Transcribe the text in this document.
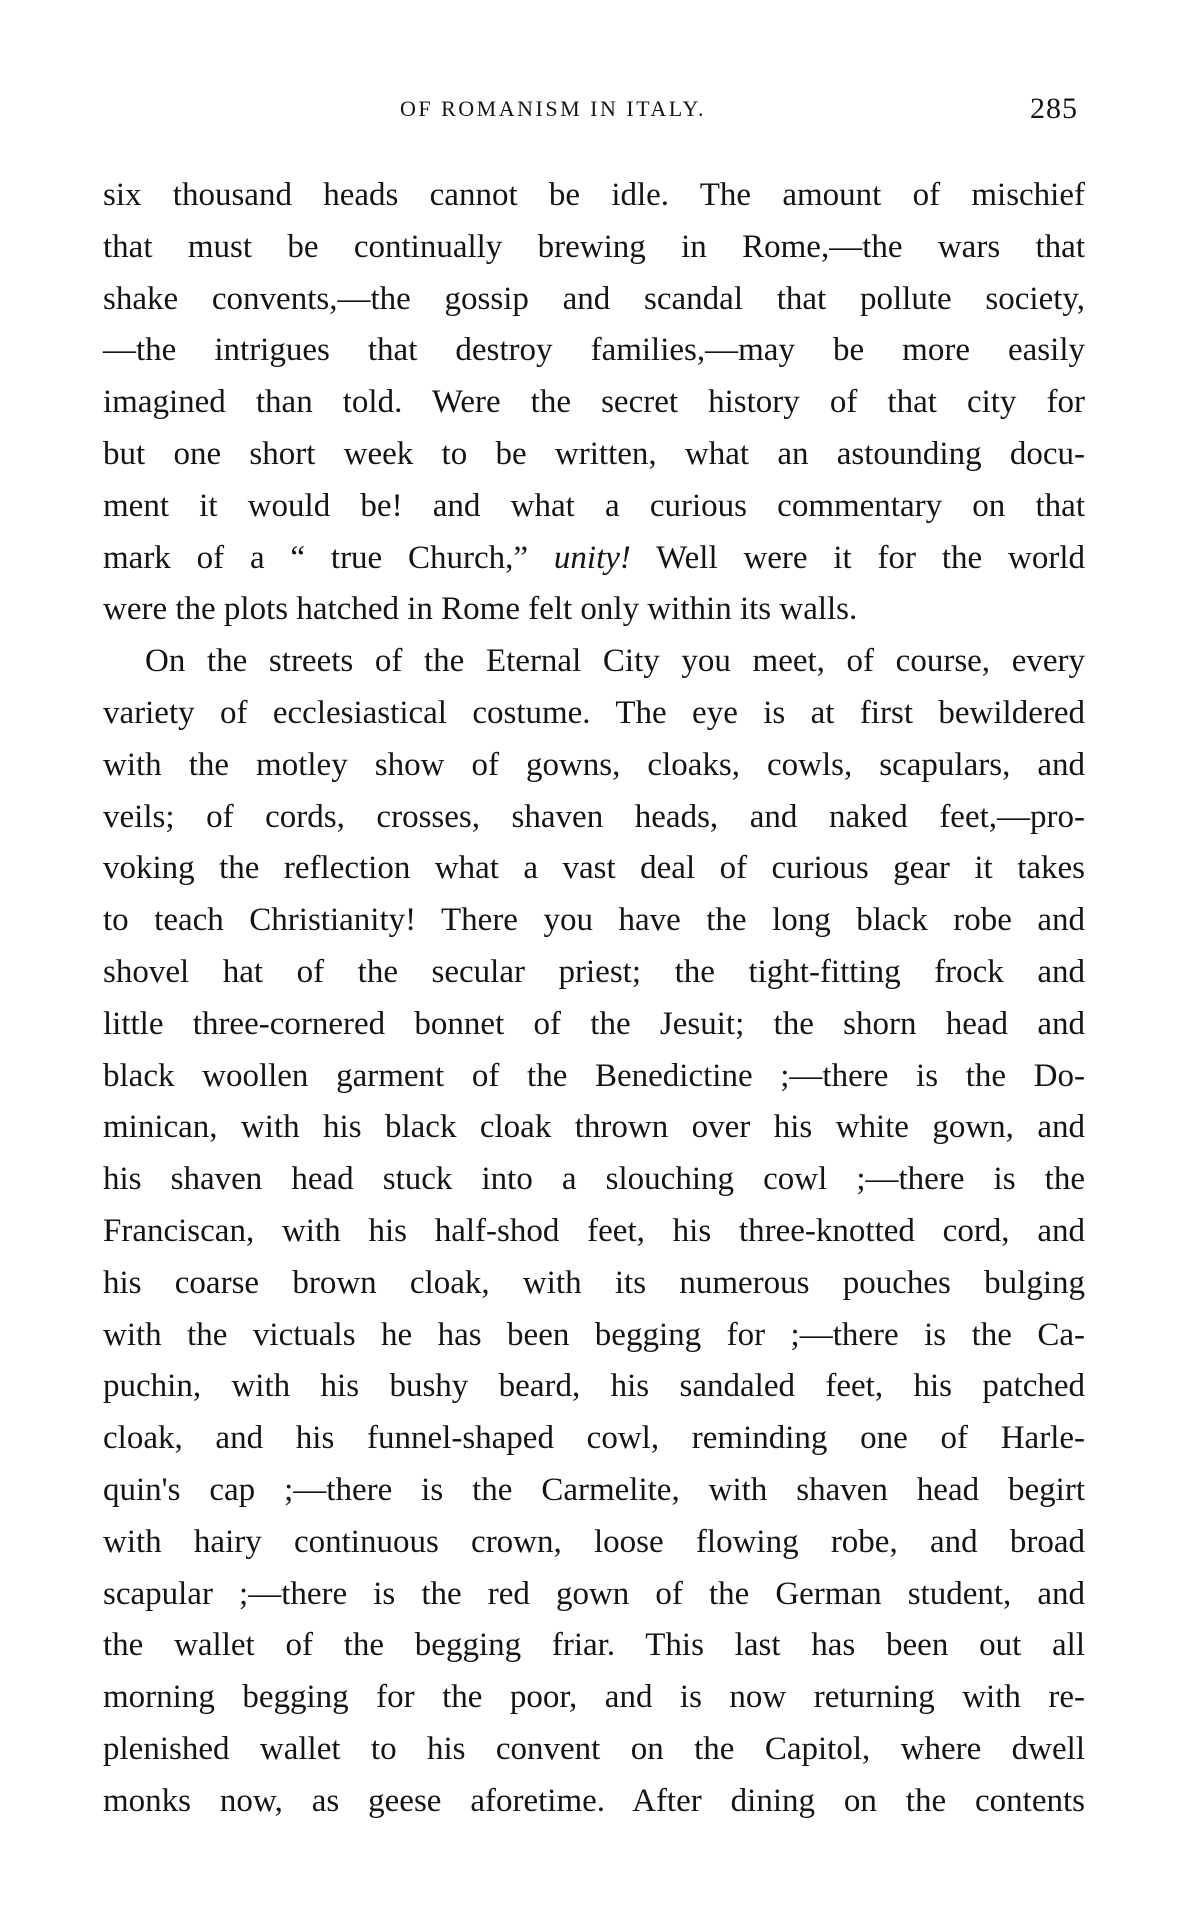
OF ROMANISM IN ITALY.	285
six thousand heads cannot be idle. The amount of mischief
that must be continually brewing in Rome,—the wars that
shake convents,—the gossip and scandal that pollute society,
—the intrigues that destroy families,—may be more easily
imagined than told. Were the secret history of that city for
but one short week to be written, what an astounding docu-
ment it would be! and what a curious commentary on that
mark of a “ true Church,” unity! Well were it for the world
were the plots hatched in Rome felt only within its walls.
On the streets of the Eternal City you meet, of course, every
variety of ecclesiastical costume. The eye is at first bewildered
with the motley show of gowns, cloaks, cowls, scapulars, and
veils; of cords, crosses, shaven heads, and naked feet,—pro-
voking the reflection what a vast deal of curious gear it takes
to teach Christianity! There you have the long black robe and
shovel hat of the secular priest; the tight-fitting frock and
little three-cornered bonnet of the Jesuit; the shorn head and
black woollen garment of the Benedictine ;—there is the Do-
minican, with his black cloak thrown over his white gown, and
his shaven head stuck into a slouching cowl ;—there is the
Franciscan, with his half-shod feet, his three-knotted cord, and
his coarse brown cloak, with its numerous pouches bulging
with the victuals he has been begging for ;—there is the Ca-
puchin, with his bushy beard, his sandaled feet, his patched
cloak, and his funnel-shaped cowl, reminding one of Harle-
quin's cap ;—there is the Carmelite, with shaven head begirt
with hairy continuous crown, loose flowing robe, and broad
scapular ;—there is the red gown of the German student, and
the wallet of the begging friar. This last has been out all
morning begging for the poor, and is now returning with re-
plenished wallet to his convent on the Capitol, where dwell
monks now, as geese aforetime. After dining on the contents
